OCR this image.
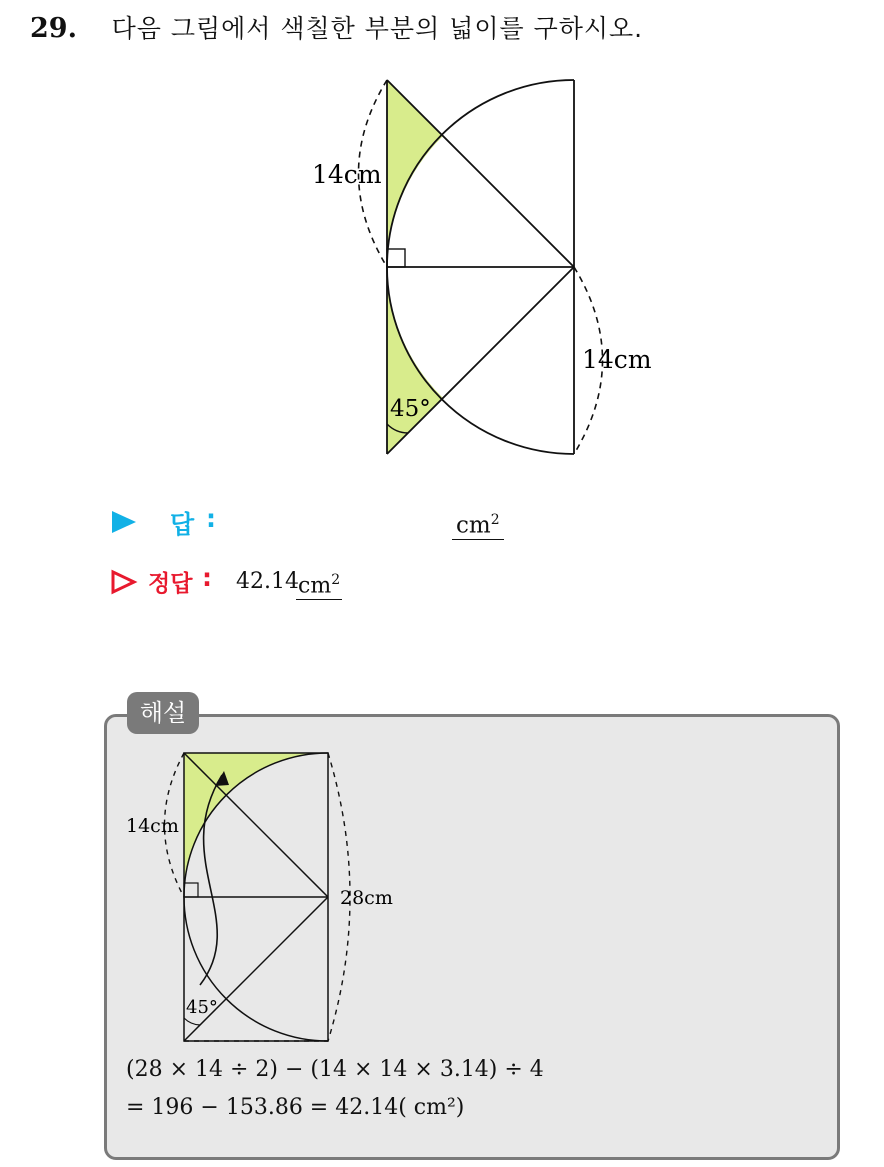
29. 다음 그림에서 색칠한 부분의 넓이를 구하시오.
14cm
14cm
45°
답 :	$cm^2$
정답 : 42.14 $cm^2$
해설
14cm
28cm
45°
(28 × 14 ÷ 2) − (14 × 14 × 3.14) ÷ 4
= 196 − 153.86 = 42.14( cm²)
